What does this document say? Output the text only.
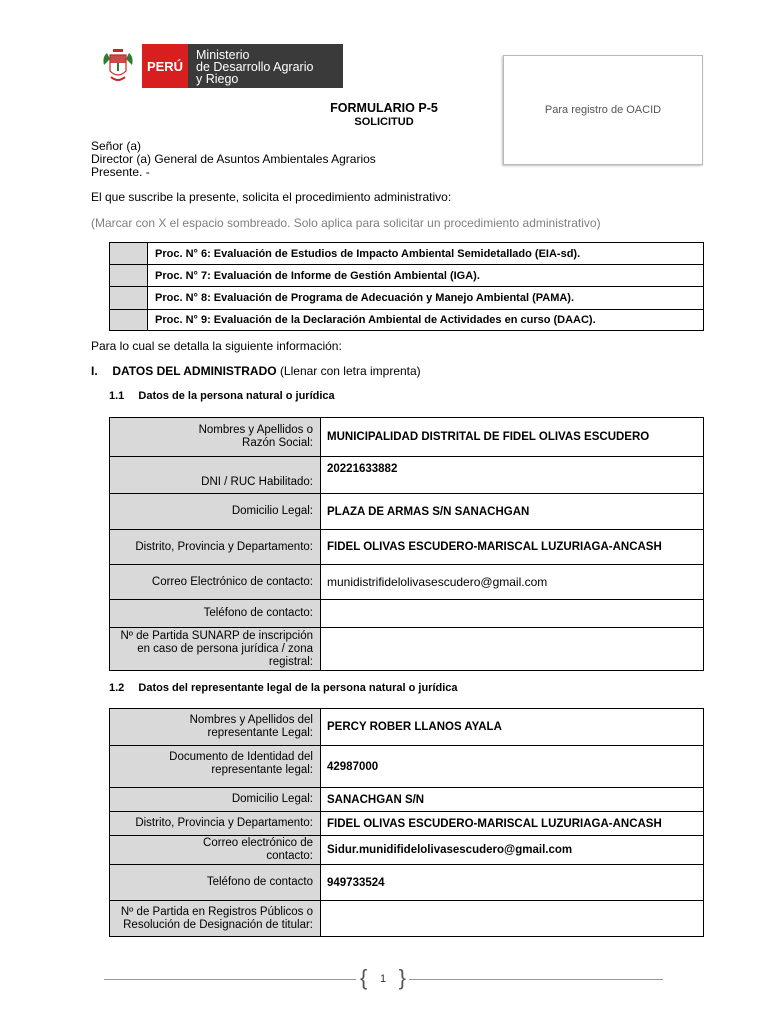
PERÚ
Ministerio
de Desarrollo Agrario
y Riego
Para registro de OACID
FORMULARIO P-5
SOLICITUD
Señor (a)
Director (a) General de Asuntos Ambientales Agrarios
Presente. -
El que suscribe la presente, solicita el procedimiento administrativo:
(Marcar con X el espacio sombreado. Solo aplica para solicitar un procedimiento administrativo)
	Proc. N° 6: Evaluación de Estudios de Impacto Ambiental Semidetallado (EIA-sd).
	Proc. N° 7: Evaluación de Informe de Gestión Ambiental (IGA).
	Proc. N° 8: Evaluación de Programa de Adecuación y Manejo Ambiental (PAMA).
	Proc. N° 9: Evaluación de la Declaración Ambiental de Actividades en curso (DAAC).
Para lo cual se detalla la siguiente información:
I. DATOS DEL ADMINISTRADO (Llenar con letra imprenta)
1.1 Datos de la persona natural o jurídica
Nombres y Apellidos o
Razón Social:	MUNICIPALIDAD DISTRITAL DE FIDEL OLIVAS ESCUDERO
DNI / RUC Habilitado:	20221633882
Domicilio Legal:	PLAZA DE ARMAS S/N SANACHGAN
Distrito, Provincia y Departamento:	FIDEL OLIVAS ESCUDERO-MARISCAL LUZURIAGA-ANCASH
Correo Electrónico de contacto:	munidistrifidelolivasescudero@gmail.com
Teléfono de contacto:	
Nº de Partida SUNARP de inscripción
en caso de persona jurídica / zona
registral:	
1.2 Datos del representante legal de la persona natural o jurídica
Nombres y Apellidos del
representante Legal:	PERCY ROBER LLANOS AYALA
Documento de Identidad del
representante legal:	42987000
Domicilio Legal:	SANACHGAN S/N
Distrito, Provincia y Departamento:	FIDEL OLIVAS ESCUDERO-MARISCAL LUZURIAGA-ANCASH
Correo electrónico de
contacto:	Sidur.munidifidelolivasescudero@gmail.com
Teléfono de contacto	949733524
Nº de Partida en Registros Públicos o
Resolución de Designación de titular:	
{ 1 }
